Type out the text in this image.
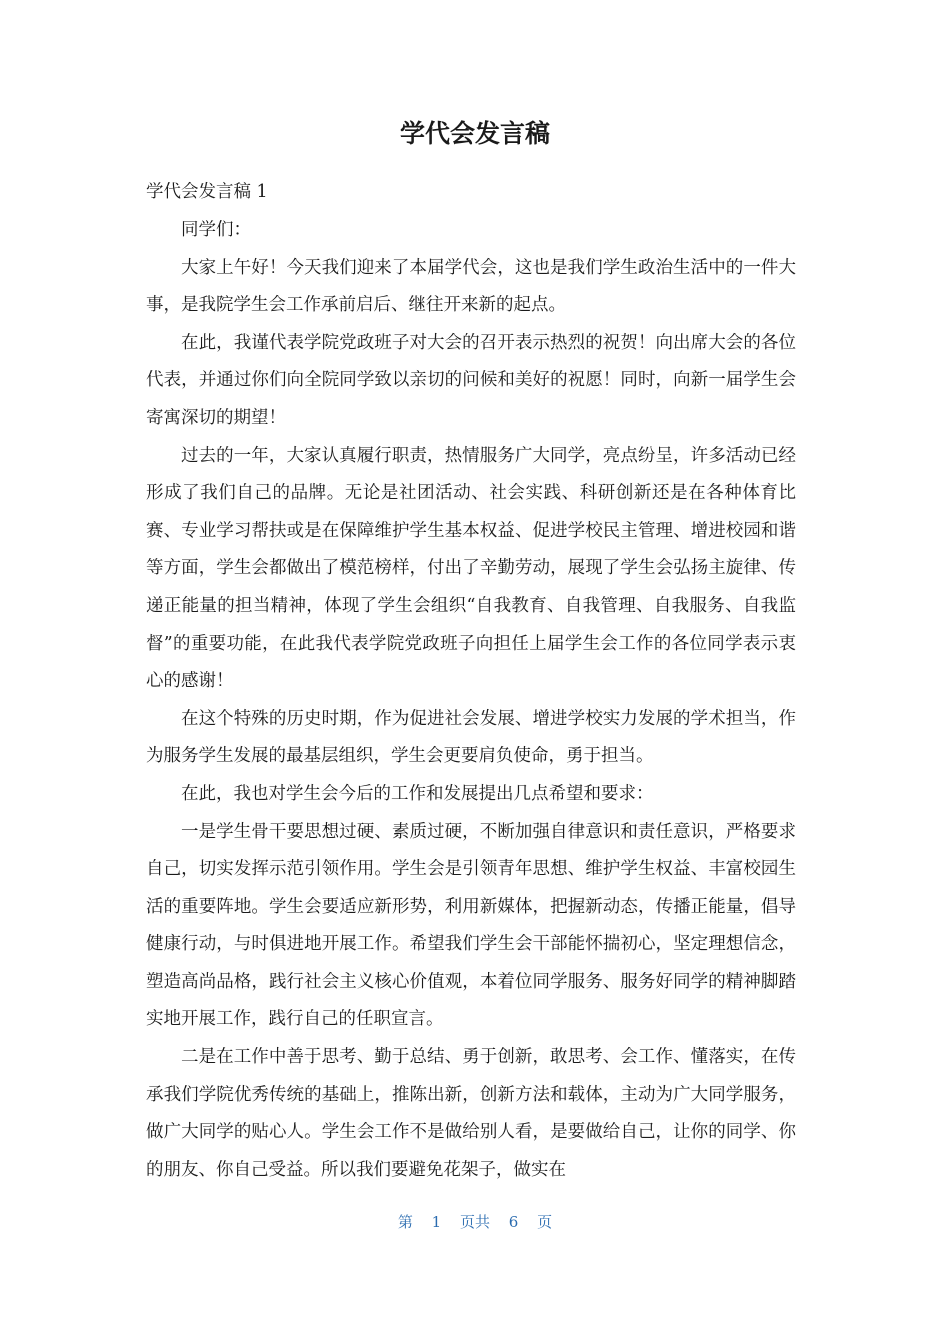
学代会发言稿

学代会发言稿 1

同学们：

大家上午好！今天我们迎来了本届学代会，这也是我们学生政治生活中的一件大事，是我院学生会工作承前启后、继往开来新的起点。

在此，我谨代表学院党政班子对大会的召开表示热烈的祝贺！向出席大会的各位代表，并通过你们向全院同学致以亲切的问候和美好的祝愿！同时，向新一届学生会寄寓深切的期望！

过去的一年，大家认真履行职责，热情服务广大同学，亮点纷呈，许多活动已经形成了我们自己的品牌。无论是社团活动、社会实践、科研创新还是在各种体育比赛、专业学习帮扶或是在保障维护学生基本权益、促进学校民主管理、增进校园和谐等方面，学生会都做出了模范榜样，付出了辛勤劳动，展现了学生会弘扬主旋律、传递正能量的担当精神，体现了学生会组织“自我教育、自我管理、自我服务、自我监督”的重要功能，在此我代表学院党政班子向担任上届学生会工作的各位同学表示衷心的感谢！

在这个特殊的历史时期，作为促进社会发展、增进学校实力发展的学术担当，作为服务学生发展的最基层组织，学生会更要肩负使命，勇于担当。

在此，我也对学生会今后的工作和发展提出几点希望和要求：

一是学生骨干要思想过硬、素质过硬，不断加强自律意识和责任意识，严格要求自己，切实发挥示范引领作用。学生会是引领青年思想、维护学生权益、丰富校园生活的重要阵地。学生会要适应新形势，利用新媒体，把握新动态，传播正能量，倡导健康行动，与时俱进地开展工作。希望我们学生会干部能怀揣初心，坚定理想信念，塑造高尚品格，践行社会主义核心价值观，本着位同学服务、服务好同学的精神脚踏实地开展工作，践行自己的任职宣言。

二是在工作中善于思考、勤于总结、勇于创新，敢思考、会工作、懂落实，在传承我们学院优秀传统的基础上，推陈出新，创新方法和载体，主动为广大同学服务，做广大同学的贴心人。学生会工作不是做给别人看，是要做给自己，让你的同学、你的朋友、你自己受益。所以我们要避免花架子，做实在

第 1 页共 6 页
